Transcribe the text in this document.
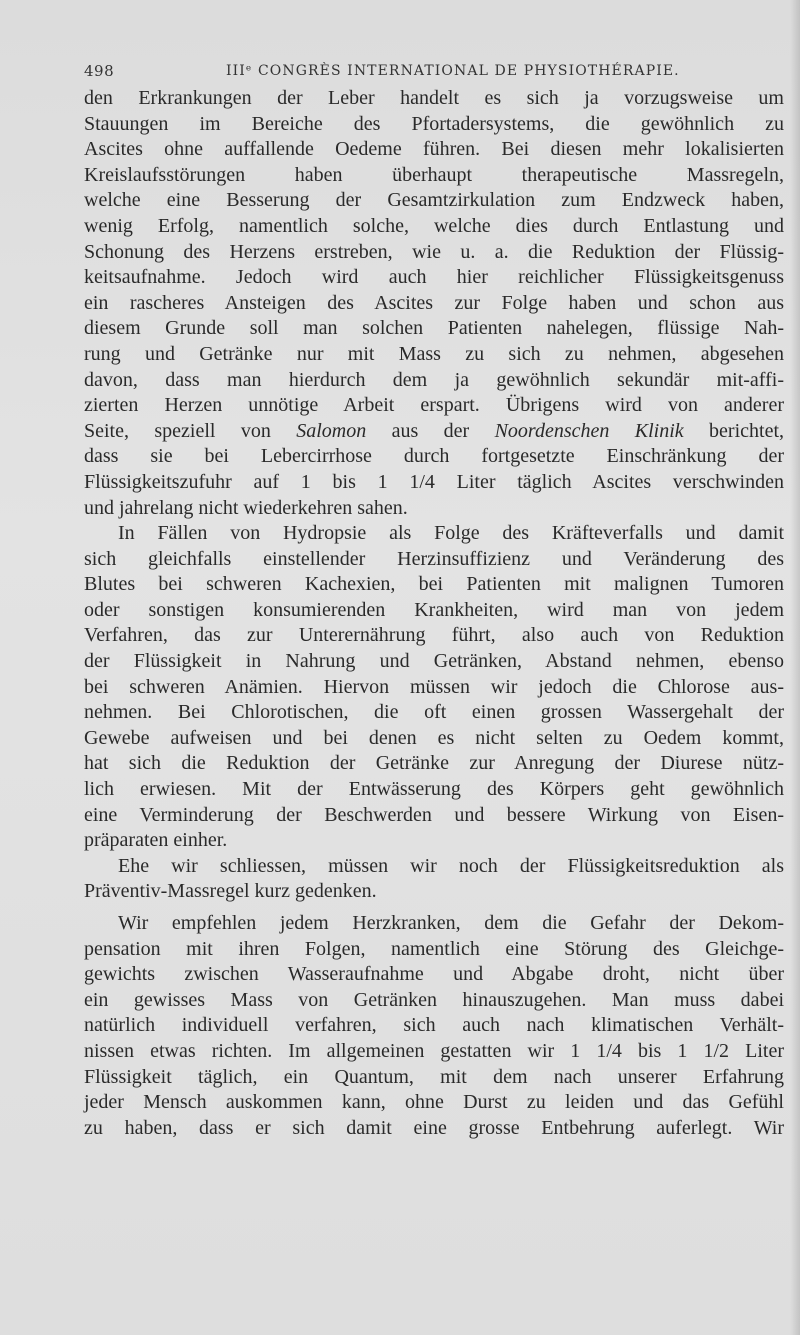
498	IIIᵉ CONGRÈS INTERNATIONAL DE PHYSIOTHÉRAPIE.
den Erkrankungen der Leber handelt es sich ja vorzugsweise um
Stauungen im Bereiche des Pfortadersystems, die gewöhnlich zu
Ascites ohne auffallende Oedeme führen. Bei diesen mehr lokalisierten
Kreislaufsstörungen haben überhaupt therapeutische Massregeln,
welche eine Besserung der Gesamtzirkulation zum Endzweck haben,
wenig Erfolg, namentlich solche, welche dies durch Entlastung und
Schonung des Herzens erstreben, wie u. a. die Reduktion der Flüssig-
keitsaufnahme. Jedoch wird auch hier reichlicher Flüssigkeitsgenuss
ein rascheres Ansteigen des Ascites zur Folge haben und schon aus
diesem Grunde soll man solchen Patienten nahelegen, flüssige Nah-
rung und Getränke nur mit Mass zu sich zu nehmen, abgesehen
davon, dass man hierdurch dem ja gewöhnlich sekundär mit-affi-
zierten Herzen unnötige Arbeit erspart. Übrigens wird von anderer
Seite, speziell von Salomon aus der Noordenschen Klinik berichtet,
dass sie bei Lebercirrhose durch fortgesetzte Einschränkung der
Flüssigkeitszufuhr auf 1 bis 1 1/4 Liter täglich Ascites verschwinden
und jahrelang nicht wiederkehren sahen.
In Fällen von Hydropsie als Folge des Kräfteverfalls und damit
sich gleichfalls einstellender Herzinsuffizienz und Veränderung des
Blutes bei schweren Kachexien, bei Patienten mit malignen Tumoren
oder sonstigen konsumierenden Krankheiten, wird man von jedem
Verfahren, das zur Unterernährung führt, also auch von Reduktion
der Flüssigkeit in Nahrung und Getränken, Abstand nehmen, ebenso
bei schweren Anämien. Hiervon müssen wir jedoch die Chlorose aus-
nehmen. Bei Chlorotischen, die oft einen grossen Wassergehalt der
Gewebe aufweisen und bei denen es nicht selten zu Oedem kommt,
hat sich die Reduktion der Getränke zur Anregung der Diurese nütz-
lich erwiesen. Mit der Entwässerung des Körpers geht gewöhnlich
eine Verminderung der Beschwerden und bessere Wirkung von Eisen-
präparaten einher.
Ehe wir schliessen, müssen wir noch der Flüssigkeitsreduktion als
Präventiv-Massregel kurz gedenken.
Wir empfehlen jedem Herzkranken, dem die Gefahr der Dekom-
pensation mit ihren Folgen, namentlich eine Störung des Gleichge-
gewichts zwischen Wasseraufnahme und Abgabe droht, nicht über
ein gewisses Mass von Getränken hinauszugehen. Man muss dabei
natürlich individuell verfahren, sich auch nach klimatischen Verhält-
nissen etwas richten. Im allgemeinen gestatten wir 1 1/4 bis 1 1/2 Liter
Flüssigkeit täglich, ein Quantum, mit dem nach unserer Erfahrung
jeder Mensch auskommen kann, ohne Durst zu leiden und das Gefühl
zu haben, dass er sich damit eine grosse Entbehrung auferlegt. Wir
